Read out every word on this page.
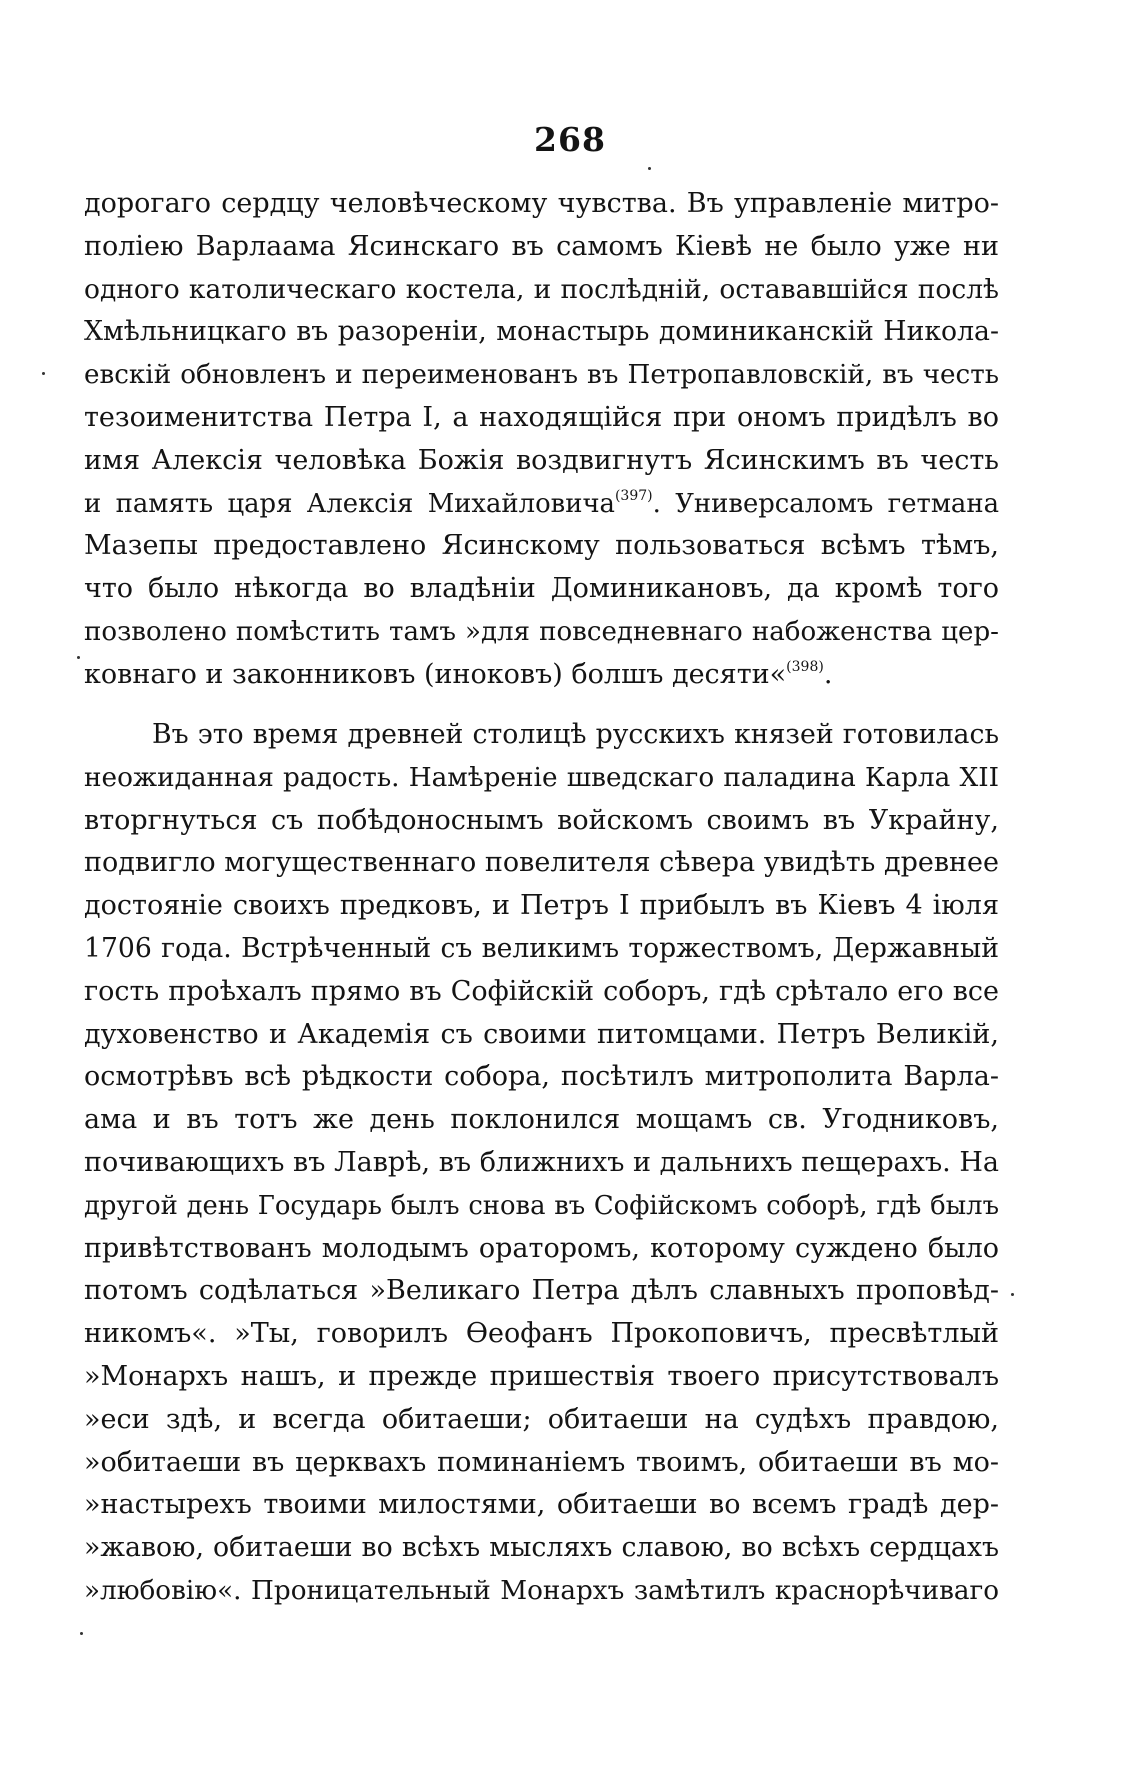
268
дорогаго сердцу человѣческому чувства. Въ управленіе митро-
поліею Варлаама Ясинскаго въ самомъ Кіевѣ не было уже ни
одного католическаго костела, и послѣдній, остававшійся послѣ
Хмѣльницкаго въ разореніи, монастырь доминиканскій Никола-
евскій обновленъ и переименованъ въ Петропавловскій, въ честь
тезоименитства Петра I, а находящійся при ономъ придѣлъ во
имя Алексія человѣка Божія воздвигнутъ Ясинскимъ въ честь
и память царя Алексія Михайловича$^{(397)}$. Универсаломъ гетмана
Мазепы предоставлено Ясинскому пользоваться всѣмъ тѣмъ,
что было нѣкогда во владѣніи Доминикановъ, да кромѣ того
позволено помѣстить тамъ »для повседневнаго набоженства цер-
ковнаго и законниковъ (иноковъ) болшъ десяти«$^{(398)}$.
Въ это время древней столицѣ русскихъ князей готовилась
неожиданная радость. Намѣреніе шведскаго паладина Карла XII
вторгнуться съ побѣдоноснымъ войскомъ своимъ въ Украйну,
подвигло могущественнаго повелителя сѣвера увидѣть древнее
достояніе своихъ предковъ, и Петръ I прибылъ въ Кіевъ 4 іюля
1706 года. Встрѣченный съ великимъ торжествомъ, Державный
гость проѣхалъ прямо въ Софійскій соборъ, гдѣ срѣтало его все
духовенство и Академія съ своими питомцами. Петръ Великій,
осмотрѣвъ всѣ рѣдкости собора, посѣтилъ митрополита Варла-
ама и въ тотъ же день поклонился мощамъ св. Угодниковъ,
почивающихъ въ Лаврѣ, въ ближнихъ и дальнихъ пещерахъ. На
другой день Государь былъ снова въ Софійскомъ соборѣ, гдѣ былъ
привѣтствованъ молодымъ ораторомъ, которому суждено было
потомъ содѣлаться »Великаго Петра дѣлъ славныхъ проповѣд-
никомъ«. »Ты, говорилъ Ѳеофанъ Прокоповичъ, пресвѣтлый
»Монархъ нашъ, и прежде пришествія твоего присутствовалъ
»еси здѣ, и всегда обитаеши; обитаеши на судѣхъ правдою,
»обитаеши въ церквахъ поминаніемъ твоимъ, обитаеши въ мо-
»настырехъ твоими милостями, обитаеши во всемъ градѣ дер-
»жавою, обитаеши во всѣхъ мысляхъ славою, во всѣхъ сердцахъ
»любовію«. Проницательный Монархъ замѣтилъ краснорѣчиваго
